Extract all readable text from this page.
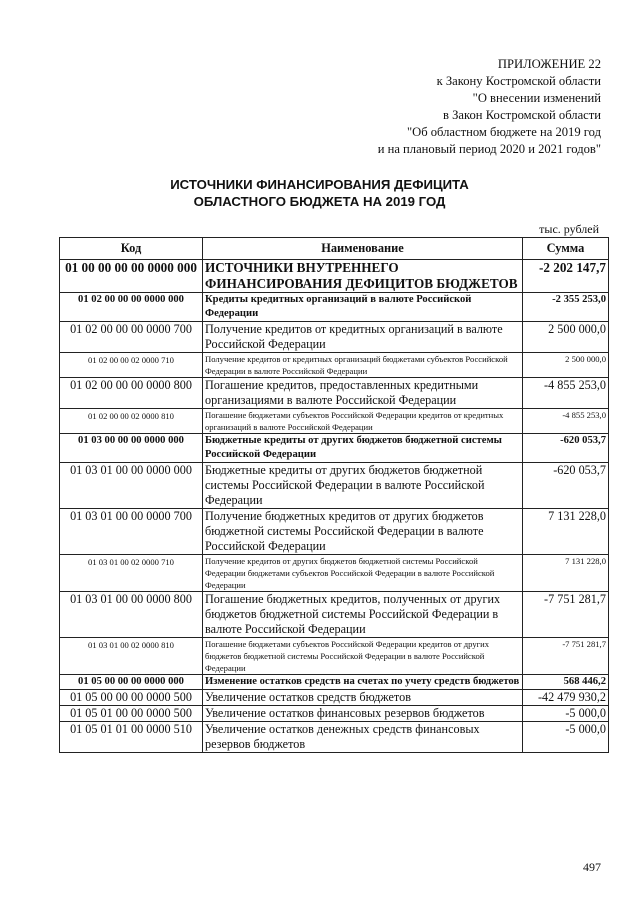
ПРИЛОЖЕНИЕ 22
к Закону Костромской области
"О внесении изменений
в Закон Костромской области
"Об областном бюджете на 2019 год
и на плановый период 2020 и 2021 годов"
ИСТОЧНИКИ ФИНАНСИРОВАНИЯ ДЕФИЦИТА
ОБЛАСТНОГО БЮДЖЕТА НА 2019 ГОД
тыс. рублей
Код	Наименование	Сумма
01 00 00 00 00 0000 000	ИСТОЧНИКИ ВНУТРЕННЕГО ФИНАНСИРОВАНИЯ ДЕФИЦИТОВ БЮДЖЕТОВ	-2 202 147,7
01 02 00 00 00 0000 000	Кредиты кредитных организаций в валюте Российской Федерации	-2 355 253,0
01 02 00 00 00 0000 700	Получение кредитов от кредитных организаций в валюте Российской Федерации	2 500 000,0
01 02 00 00 02 0000 710	Получение кредитов от кредитных организаций бюджетами субъектов Российской Федерации в валюте Российской Федерации	2 500 000,0
01 02 00 00 00 0000 800	Погашение кредитов, предоставленных кредитными организациями в валюте Российской Федерации	-4 855 253,0
01 02 00 00 02 0000 810	Погашение бюджетами субъектов Российской Федерации кредитов от кредитных организаций в валюте Российской Федерации	-4 855 253,0
01 03 00 00 00 0000 000	Бюджетные кредиты от других бюджетов бюджетной системы Российской Федерации	-620 053,7
01 03 01 00 00 0000 000	Бюджетные кредиты от других бюджетов бюджетной системы Российской Федерации в валюте Российской Федерации	-620 053,7
01 03 01 00 00 0000 700	Получение бюджетных кредитов от других бюджетов бюджетной системы Российской Федерации в валюте Российской Федерации	7 131 228,0
01 03 01 00 02 0000 710	Получение кредитов от других бюджетов бюджетной системы Российской Федерации бюджетами субъектов Российской Федерации в валюте Российской Федерации	7 131 228,0
01 03 01 00 00 0000 800	Погашение бюджетных кредитов, полученных от других бюджетов бюджетной системы Российской Федерации в валюте Российской Федерации	-7 751 281,7
01 03 01 00 02 0000 810	Погашение бюджетами субъектов Российской Федерации кредитов от других бюджетов бюджетной системы Российской Федерации в валюте Российской Федерации	-7 751 281,7
01 05 00 00 00 0000 000	Изменение остатков средств на счетах по учету средств бюджетов	568 446,2
01 05 00 00 00 0000 500	Увеличение остатков средств бюджетов	-42 479 930,2
01 05 01 00 00 0000 500	Увеличение остатков финансовых резервов бюджетов	-5 000,0
01 05 01 01 00 0000 510	Увеличение остатков денежных средств финансовых резервов бюджетов	-5 000,0
497
